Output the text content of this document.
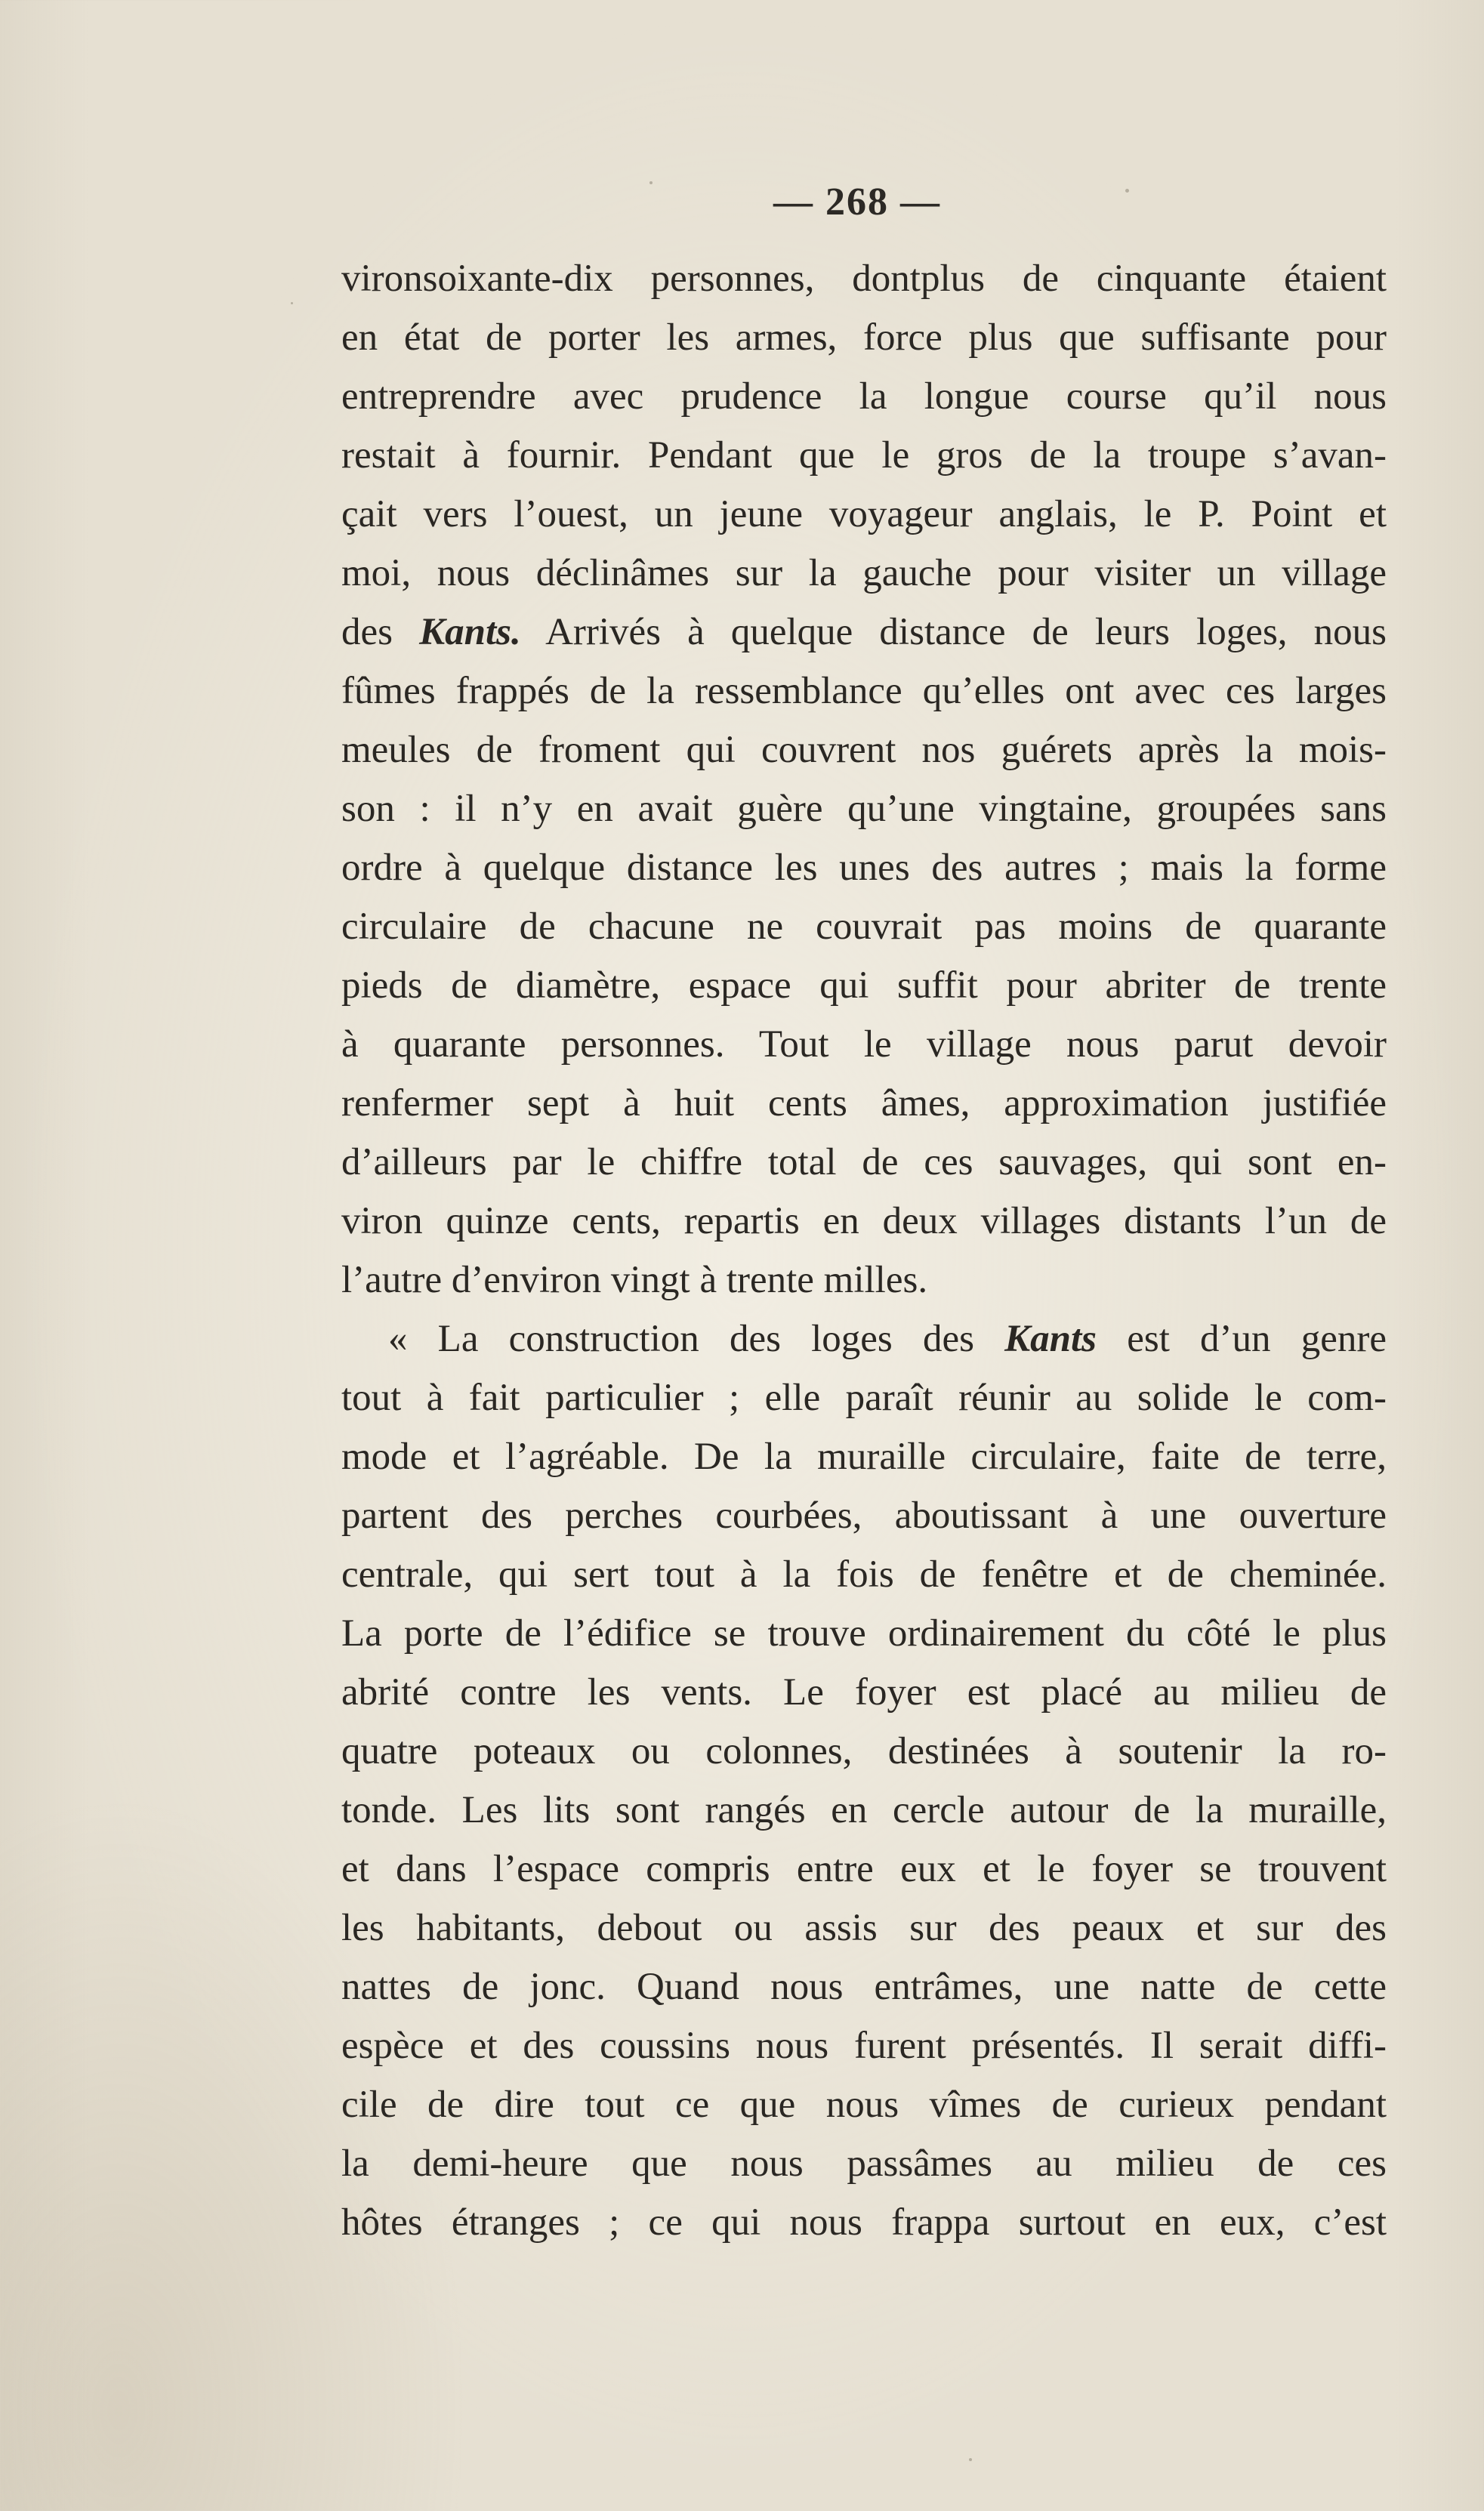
— 268 —
vironsoixante-dix personnes, dontplus de cinquante étaient
en état de porter les armes, force plus que suffisante pour
entreprendre avec prudence la longue course qu’il nous
restait à fournir. Pendant que le gros de la troupe s’avan-
çait vers l’ouest, un jeune voyageur anglais, le P. Point et
moi, nous déclinâmes sur la gauche pour visiter un village
des Kants. Arrivés à quelque distance de leurs loges, nous
fûmes frappés de la ressemblance qu’elles ont avec ces larges
meules de froment qui couvrent nos guérets après la mois-
son : il n’y en avait guère qu’une vingtaine, groupées sans
ordre à quelque distance les unes des autres ; mais la forme
circulaire de chacune ne couvrait pas moins de quarante
pieds de diamètre, espace qui suffit pour abriter de trente
à quarante personnes. Tout le village nous parut devoir
renfermer sept à huit cents âmes, approximation justifiée
d’ailleurs par le chiffre total de ces sauvages, qui sont en-
viron quinze cents, repartis en deux villages distants l’un de
l’autre d’environ vingt à trente milles.
« La construction des loges des Kants est d’un genre
tout à fait particulier ; elle paraît réunir au solide le com-
mode et l’agréable. De la muraille circulaire, faite de terre,
partent des perches courbées, aboutissant à une ouverture
centrale, qui sert tout à la fois de fenêtre et de cheminée.
La porte de l’édifice se trouve ordinairement du côté le plus
abrité contre les vents. Le foyer est placé au milieu de
quatre poteaux ou colonnes, destinées à soutenir la ro-
tonde. Les lits sont rangés en cercle autour de la muraille,
et dans l’espace compris entre eux et le foyer se trouvent
les habitants, debout ou assis sur des peaux et sur des
nattes de jonc. Quand nous entrâmes, une natte de cette
espèce et des coussins nous furent présentés. Il serait diffi-
cile de dire tout ce que nous vîmes de curieux pendant
la demi-heure que nous passâmes au milieu de ces
hôtes étranges ; ce qui nous frappa surtout en eux, c’est
